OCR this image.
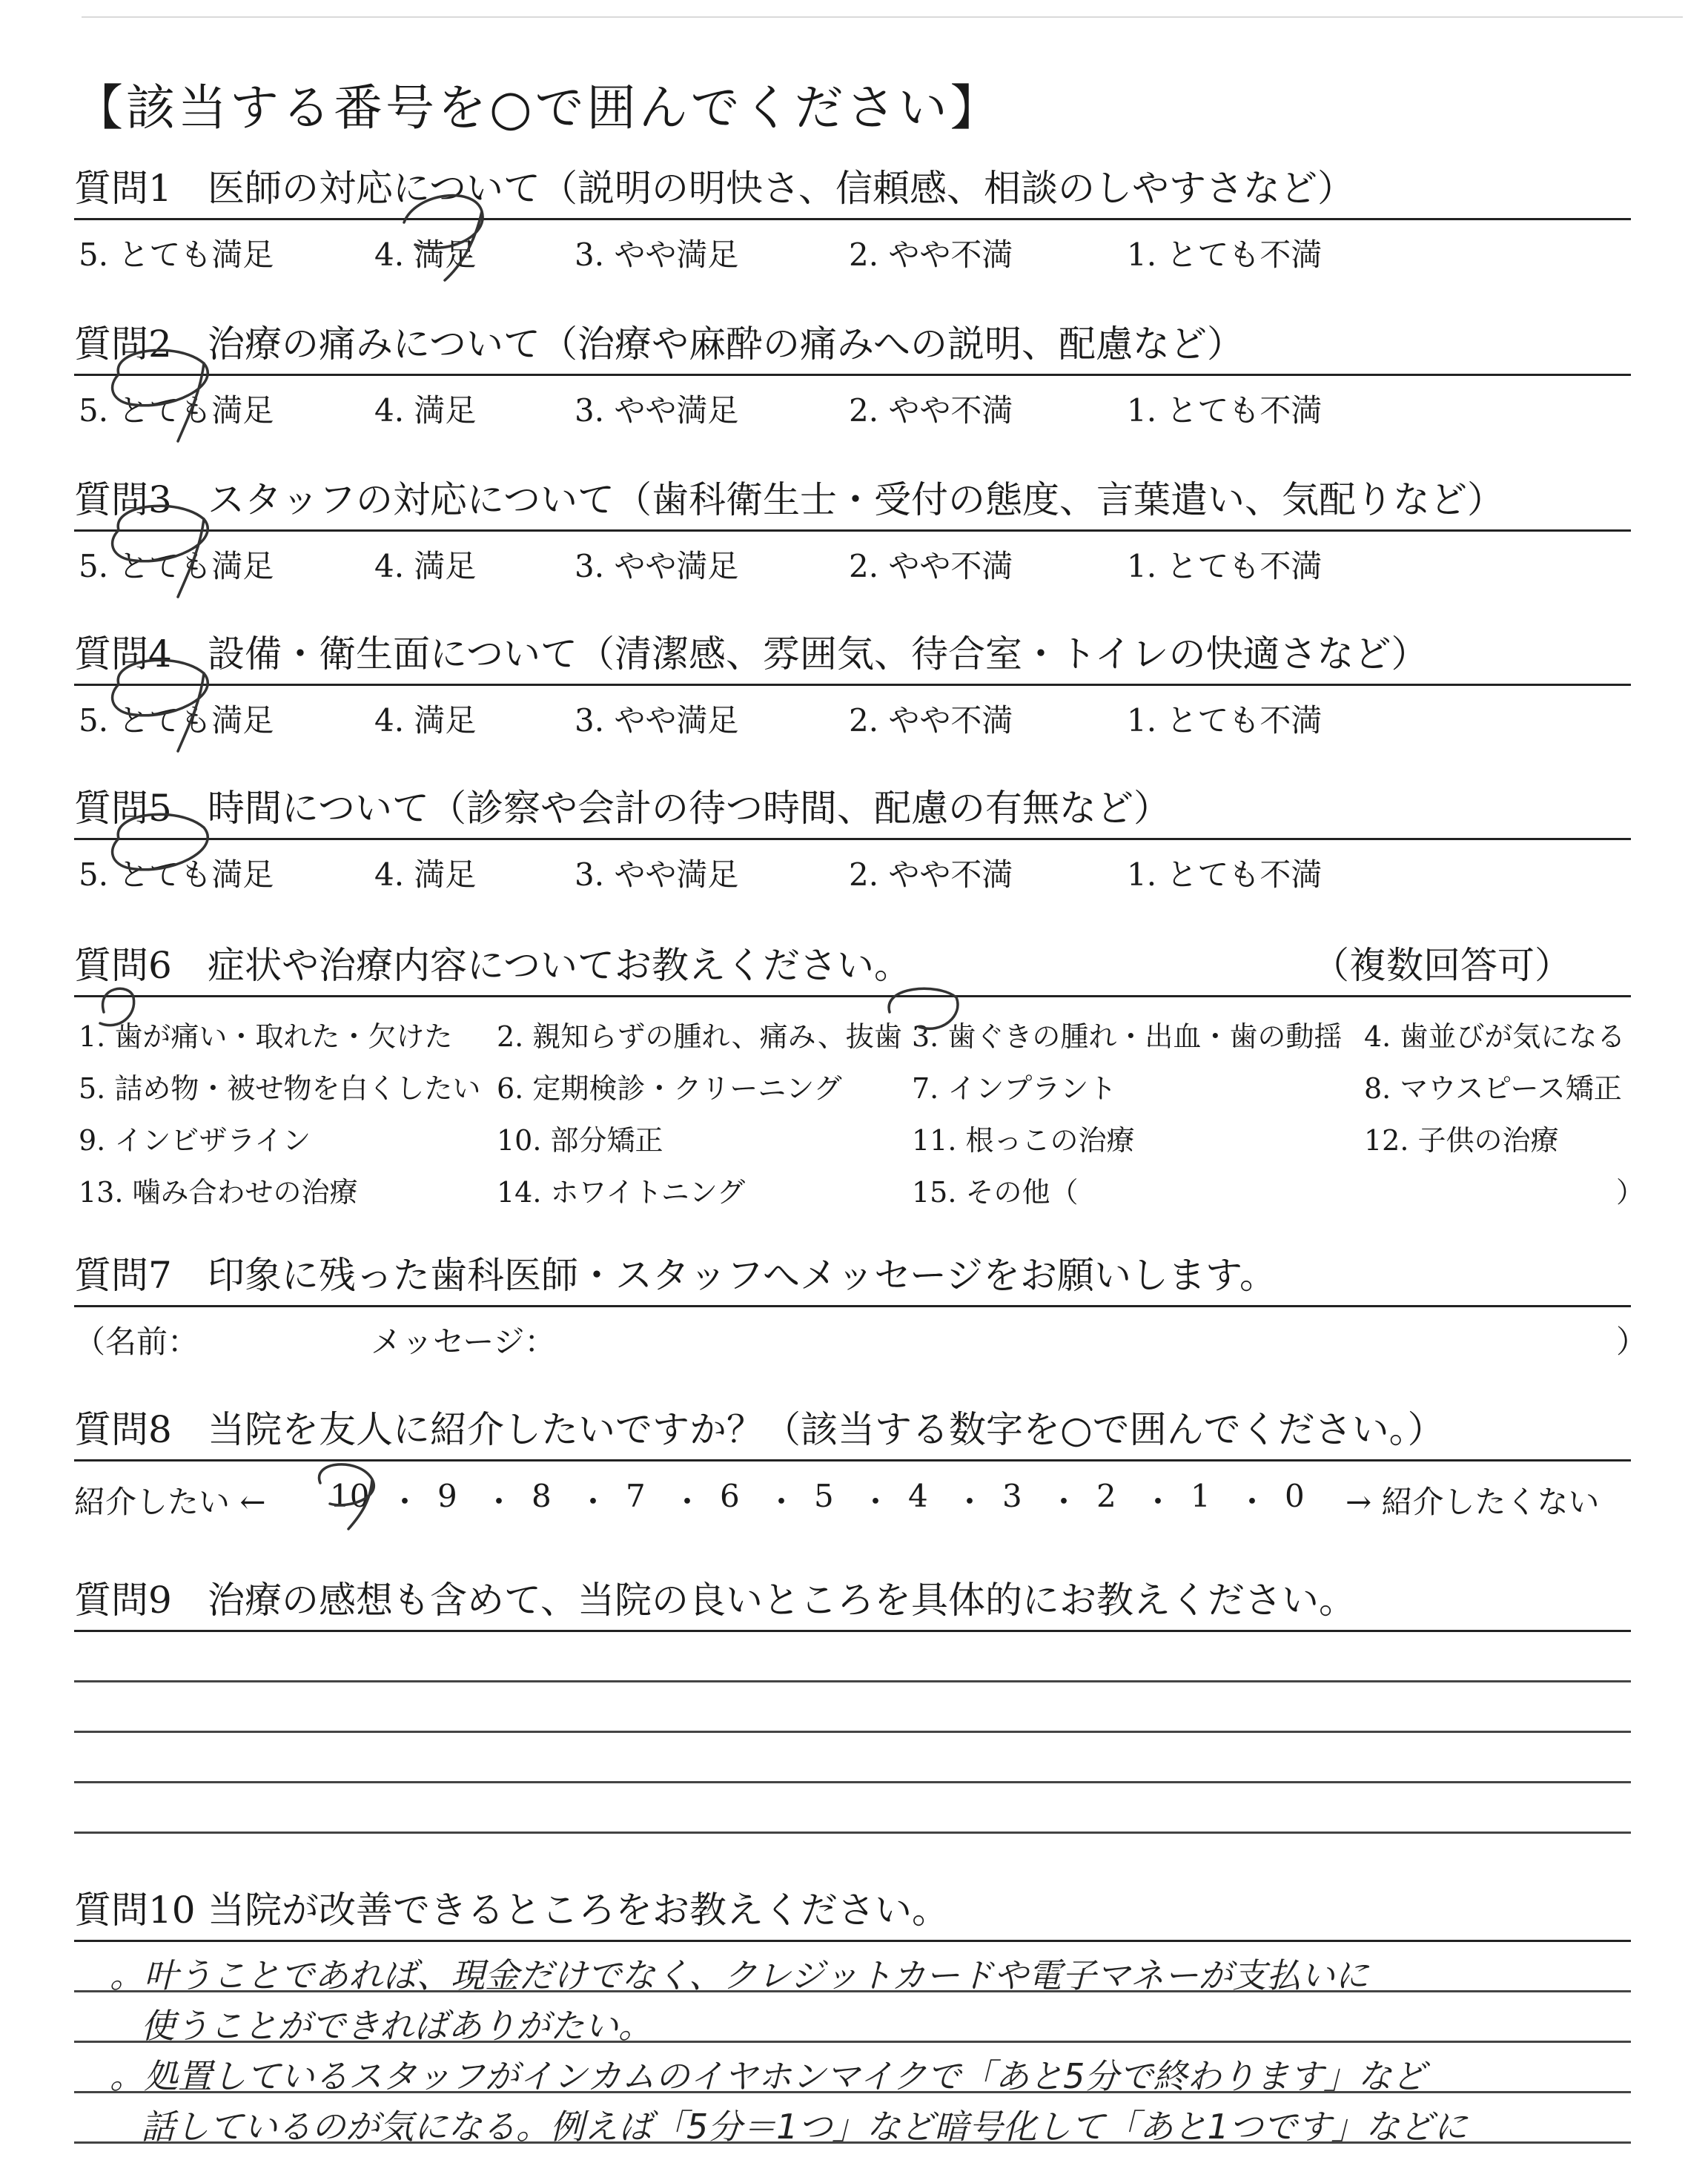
【該当する番号を○で囲んでください】
質問1 医師の対応について（説明の明快さ、信頼感、相談のしやすさなど）
5. とても満足	4. 満足	3. やや満足	2. やや不満	1. とても不満
質問2 治療の痛みについて（治療や麻酔の痛みへの説明、配慮など）
5. とても満足	4. 満足	3. やや満足	2. やや不満	1. とても不満
質問3 スタッフの対応について（歯科衛生士・受付の態度、言葉遣い、気配りなど）
5. とても満足	4. 満足	3. やや満足	2. やや不満	1. とても不満
質問4 設備・衛生面について（清潔感、雰囲気、待合室・トイレの快適さなど）
5. とても満足	4. 満足	3. やや満足	2. やや不満	1. とても不満
質問5 時間について（診察や会計の待つ時間、配慮の有無など）
5. とても満足	4. 満足	3. やや満足	2. やや不満	1. とても不満
質問6 症状や治療内容についてお教えください。	（複数回答可）
1. 歯が痛い・取れた・欠けた 2. 親知らずの腫れ、痛み、抜歯 3. 歯ぐきの腫れ・出血・歯の動揺 4. 歯並びが気になる
5. 詰め物・被せ物を白くしたい 6. 定期検診・クリーニング 7. インプラント	8. マウスピース矯正
9. インビザライン	10. 部分矯正	11. 根っこの治療	12. 子供の治療
13. 噛み合わせの治療	14. ホワイトニング	15. その他（	）
質問7 印象に残った歯科医師・スタッフへメッセージをお願いします。
（名前：	メッセージ：	）
質問8 当院を友人に紹介したいですか？（該当する数字を○で囲んでください。）
紹介したい ← 10 ・ 9 ・ 8 ・ 7 ・ 6 ・ 5 ・ 4 ・ 3 ・ 2 ・ 1 ・ 0 → 紹介したくない
質問9 治療の感想も含めて、当院の良いところを具体的にお教えください。
質問10 当院が改善できるところをお教えください。
。叶うことであれば、現金だけでなく、クレジットカードや電子マネーが支払いに
使うことができればありがたい。
。処置しているスタッフがインカムのイヤホンマイクで「あと5分で終わります」など
話しているのが気になる。例えば「5分＝1つ」など暗号化して「あと1つです」などに
